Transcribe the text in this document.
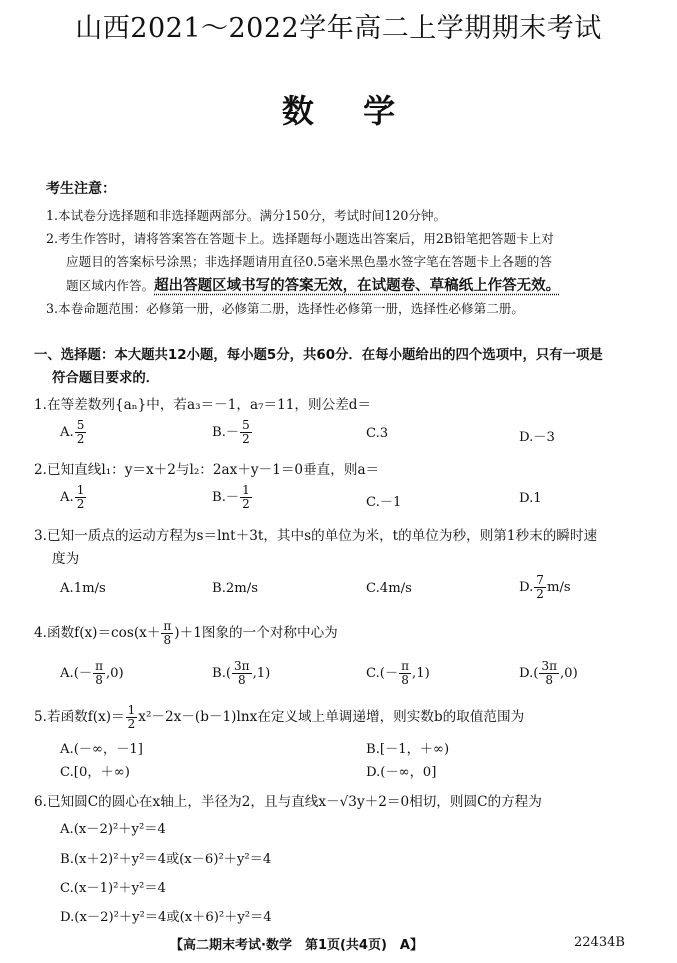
山西2021～2022学年高二上学期期末考试
数 学
考生注意：
1.本试卷分选择题和非选择题两部分。满分150分，考试时间120分钟。
2.考生作答时，请将答案答在答题卡上。选择题每小题选出答案后，用2B铅笔把答题卡上对
应题目的答案标号涂黑；非选择题请用直径0.5毫米黑色墨水签字笔在答题卡上各题的答
题区域内作答。超出答题区域书写的答案无效，在试题卷、草稿纸上作答无效。
3.本卷命题范围：必修第一册，必修第二册，选择性必修第一册，选择性必修第二册。
一、选择题：本大题共12小题，每小题5分，共60分．在每小题给出的四个选项中，只有一项是
符合题目要求的．
1.在等差数列{aₙ}中，若a₃＝－1，a₇＝11，则公差d＝
A. $\frac{5}{2}$	$B.- \frac{5}{2}$	C.3	D.－3
2.已知直线l₁：y＝x＋2与l₂：2ax＋y－1＝0垂直，则a＝
A. $\frac{1}{2}$	$B.- \frac{1}{2}$	C.－1	D.1
3.已知一质点的运动方程为s＝lnt＋3t，其中s的单位为米，t的单位为秒，则第1秒末的瞬时速
度为
A.1m/s	B.2m/s	C.4m/s	D. $\frac{7}{2} m/s$
4.函数$f(x)=\cos(x+ \frac{\pi}{8} )+1$图象的一个对称中心为
$A.(- \frac{\pi}{8} ,0)$	$B.( \frac{3\pi}{8} ,1)$	$C.(- \frac{\pi}{8} ,1)$	$D.( \frac{3\pi}{8} ,0)$
5.若函数$f(x)= \frac{1}{2} x^2-2x-(b-1)\ln x$在定义域上单调递增，则实数b的取值范围为
A.(－∞，－1]	B.[－1，＋∞)
C.[0，＋∞)	D.(－∞，0]
6.已知圆C的圆心在x轴上，半径为2，且与直线x－√3y＋2＝0相切，则圆C的方程为
A.(x－2)²＋y²＝4
B.(x＋2)²＋y²＝4或(x－6)²＋y²＝4
C.(x－1)²＋y²＝4
D.(x－2)²＋y²＝4或(x＋6)²＋y²＝4
【高二期末考试·数学　第1页(共4页)　A】	22434B
